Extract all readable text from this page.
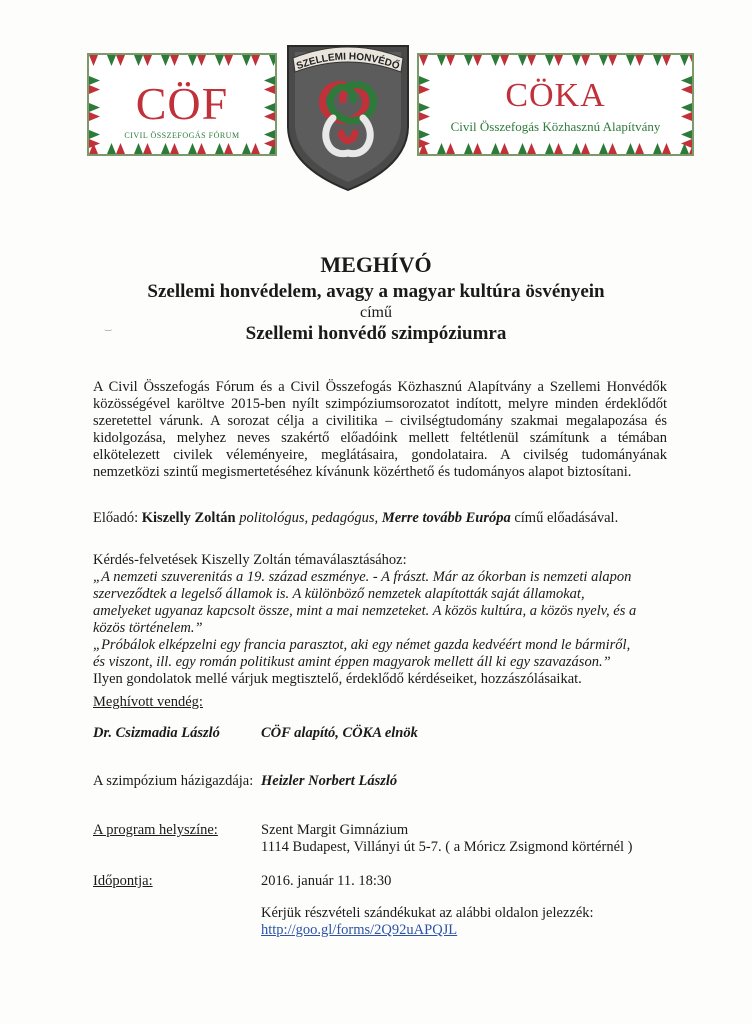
CÖF
CIVIL ÖSSZEFOGÁS FÓRUM
SZELLEMI HONVÉDŐ
CÖKA
Civil Összefogás Közhasznú Alapítvány
MEGHÍVÓ
Szellemi honvédelem, avagy a magyar kultúra ösvényein
című
Szellemi honvédő szimpóziumra
‿
A Civil Összefogás Fórum és a Civil Összefogás Közhasznú Alapítvány a Szellemi Honvédők közösségével karöltve 2015-ben nyílt szimpóziumsorozatot indított, melyre minden érdeklődőt szeretettel várunk. A sorozat célja a civilitika – civilségtudomány szakmai megalapozása és kidolgozása, melyhez neves szakértő előadóink mellett feltétlenül számítunk a témában elkötelezett civilek véleményeire, meglátásaira, gondolataira. A civilség tudományának nemzetközi szintű megismertetéséhez kívánunk közérthető és tudományos alapot biztosítani.
Előadó: Kiszelly Zoltán politológus, pedagógus, Merre tovább Európa című előadásával.
Kérdés-felvetések Kiszelly Zoltán témaválasztásához:
„A nemzeti szuverenitás a 19. század eszménye. - A frászt. Már az ókorban is nemzeti alapon
szerveződtek a legelső államok is. A különböző nemzetek alapították saját államokat,
amelyeket ugyanaz kapcsolt össze, mint a mai nemzeteket. A közös kultúra, a közös nyelv, és a
közös történelem.”
„Próbálok elképzelni egy francia parasztot, aki egy német gazda kedvéért mond le bármiről,
és viszont, ill. egy román politikust amint éppen magyarok mellett áll ki egy szavazáson.”
Ilyen gondolatok mellé várjuk megtisztelő, érdeklődő kérdéseiket, hozzászólásaikat.
Meghívott vendég:
Dr. Csizmadia László	CÖF alapító, CÖKA elnök
A szimpózium házigazdája: Heizler Norbert László
A program helyszíne:	Szent Margit Gimnázium
1114 Budapest, Villányi út 5-7. ( a Móricz Zsigmond körtérnél )
Időpontja:	2016. január 11. 18:30
Kérjük részvételi szándékukat az alábbi oldalon jelezzék:
http://goo.gl/forms/2Q92uAPQJL
